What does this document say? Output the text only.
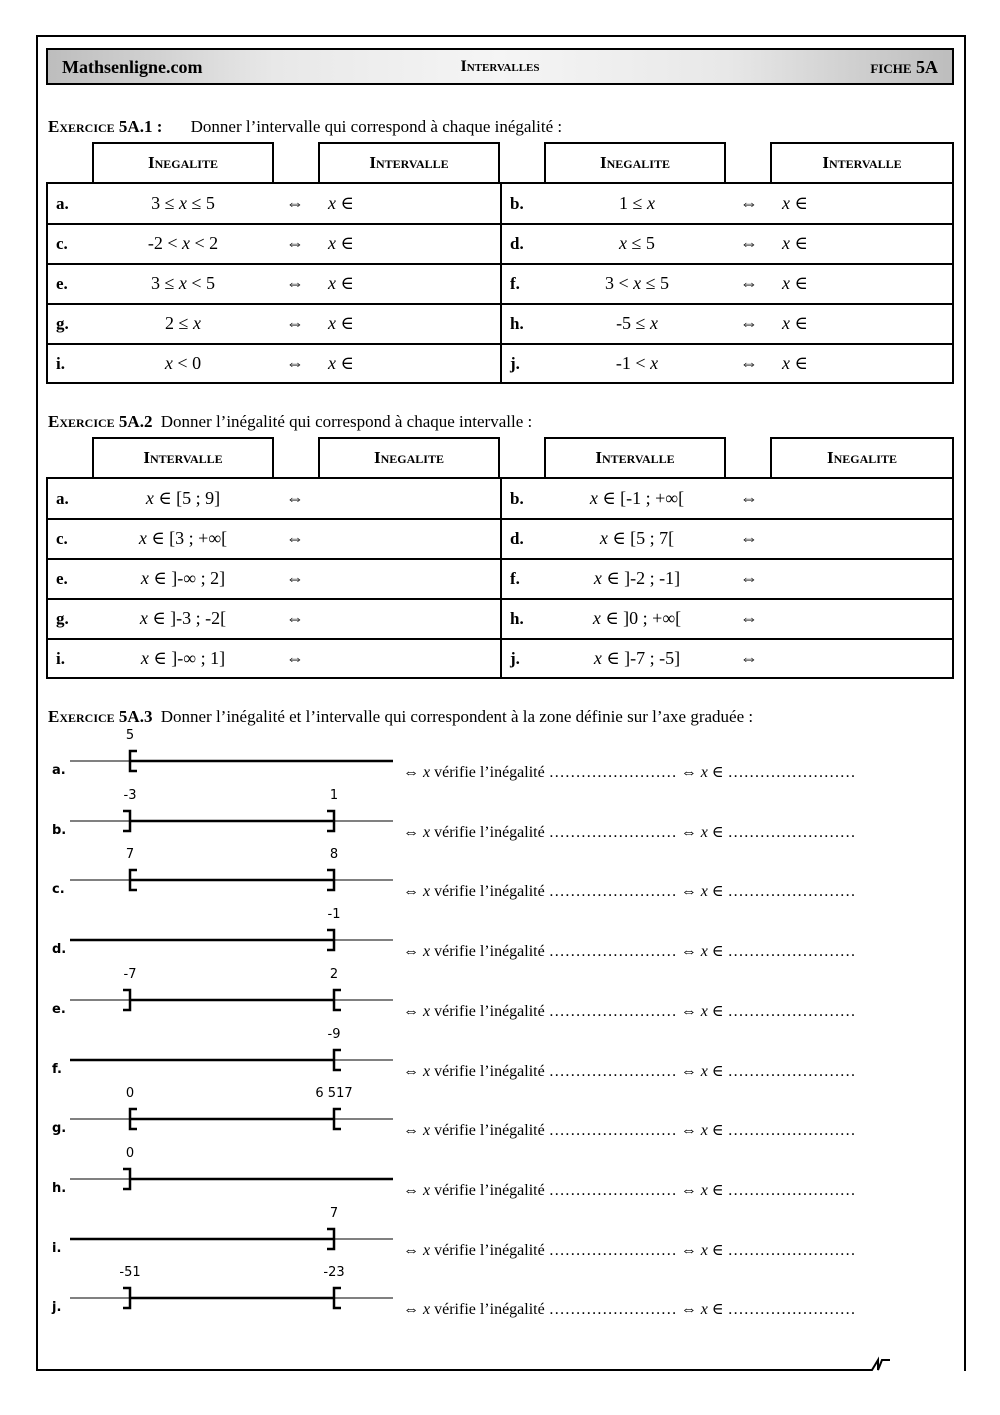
Mathsenligne.com	Intervalles	fiche 5A
Exercice 5A.1 : Donner l’intervalle qui correspond à chaque inégalité :
Inegalite	Intervalle	Inegalite	Intervalle
a.	3 ≤ x ≤ 5	⇔ x ∈	b.	1 ≤ x	⇔ x ∈
c.	-2 < x < 2	⇔ x ∈	d.	x ≤ 5	⇔ x ∈
e.	3 ≤ x < 5	⇔ x ∈	f.	3 < x ≤ 5	⇔ x ∈
g.	2 ≤ x	⇔ x ∈	h.	-5 ≤ x	⇔ x ∈
i.	x < 0	⇔ x ∈	j.	-1 < x	⇔ x ∈
Exercice 5A.2 Donner l’inégalité qui correspond à chaque intervalle :
Intervalle	Inegalite	Intervalle	Inegalite
a.	x ∈ [5 ; 9]	⇔	b.	x ∈ [-1 ; +∞[	⇔
c.	x ∈ [3 ; +∞[	⇔	d.	x ∈ [5 ; 7[	⇔
e.	x ∈ ]-∞ ; 2]	⇔	f.	x ∈ ]-2 ; -1]	⇔
g.	x ∈ ]-3 ; -2[	⇔	h.	x ∈ ]0 ; +∞[	⇔
i.	x ∈ ]-∞ ; 1]	⇔	j.	x ∈ ]-7 ; -5]	⇔
Exercice 5A.3 Donner l’inégalité et l’intervalle qui correspondent à la zone définie sur l’axe graduée :
a.
5
⇔ x vérifie l’inégalité …………………… ⇔ x ∈ ……………………
b.
-3	1
⇔ x vérifie l’inégalité …………………… ⇔ x ∈ ……………………
c.
7	8
⇔ x vérifie l’inégalité …………………… ⇔ x ∈ ……………………
d.
-1
⇔ x vérifie l’inégalité …………………… ⇔ x ∈ ……………………
e.
-7	2
⇔ x vérifie l’inégalité …………………… ⇔ x ∈ ……………………
f.
-9
⇔ x vérifie l’inégalité …………………… ⇔ x ∈ ……………………
g.
0	6 517
⇔ x vérifie l’inégalité …………………… ⇔ x ∈ ……………………
h.
0
⇔ x vérifie l’inégalité …………………… ⇔ x ∈ ……………………
i.
7
⇔ x vérifie l’inégalité …………………… ⇔ x ∈ ……………………
j.
-51	-23
⇔ x vérifie l’inégalité …………………… ⇔ x ∈ ……………………
